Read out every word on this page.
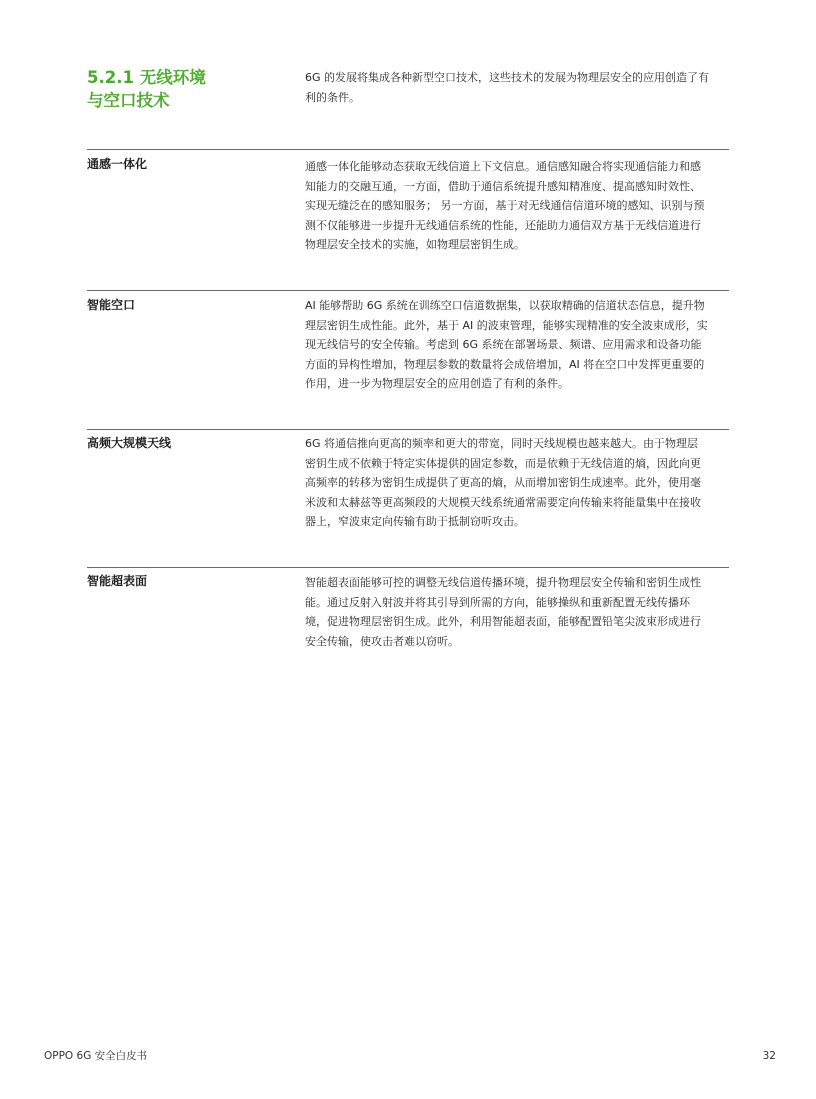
5.2.1 无线环境
与空口技术

6G 的发展将集成各种新型空口技术，这些技术的发展为物理层安全的应用创造了有
利的条件。

通感一体化	通感一体化能够动态获取无线信道上下文信息。通信感知融合将实现通信能力和感
知能力的交融互通，一方面，借助于通信系统提升感知精准度、提高感知时效性、
实现无缝泛在的感知服务； 另一方面，基于对无线通信信道环境的感知、识别与预
测不仅能够进一步提升无线通信系统的性能，还能助力通信双方基于无线信道进行
物理层安全技术的实施，如物理层密钥生成。

智能空口	AI 能够帮助 6G 系统在训练空口信道数据集，以获取精确的信道状态信息，提升物
理层密钥生成性能。此外，基于 AI 的波束管理，能够实现精准的安全波束成形，实
现无线信号的安全传输。考虑到 6G 系统在部署场景、频谱、应用需求和设备功能
方面的异构性增加，物理层参数的数量将会成倍增加，AI 将在空口中发挥更重要的
作用，进一步为物理层安全的应用创造了有利的条件。

高频大规模天线	6G 将通信推向更高的频率和更大的带宽，同时天线规模也越来越大。由于物理层
密钥生成不依赖于特定实体提供的固定参数，而是依赖于无线信道的熵，因此向更
高频率的转移为密钥生成提供了更高的熵，从而增加密钥生成速率。此外，使用毫
米波和太赫兹等更高频段的大规模天线系统通常需要定向传输来将能量集中在接收
器上，窄波束定向传输有助于抵制窃听攻击。

智能超表面	智能超表面能够可控的调整无线信道传播环境，提升物理层安全传输和密钥生成性
能。通过反射入射波并将其引导到所需的方向，能够操纵和重新配置无线传播环
境，促进物理层密钥生成。此外，利用智能超表面，能够配置铅笔尖波束形成进行
安全传输，使攻击者难以窃听。

OPPO 6G 安全白皮书	32
